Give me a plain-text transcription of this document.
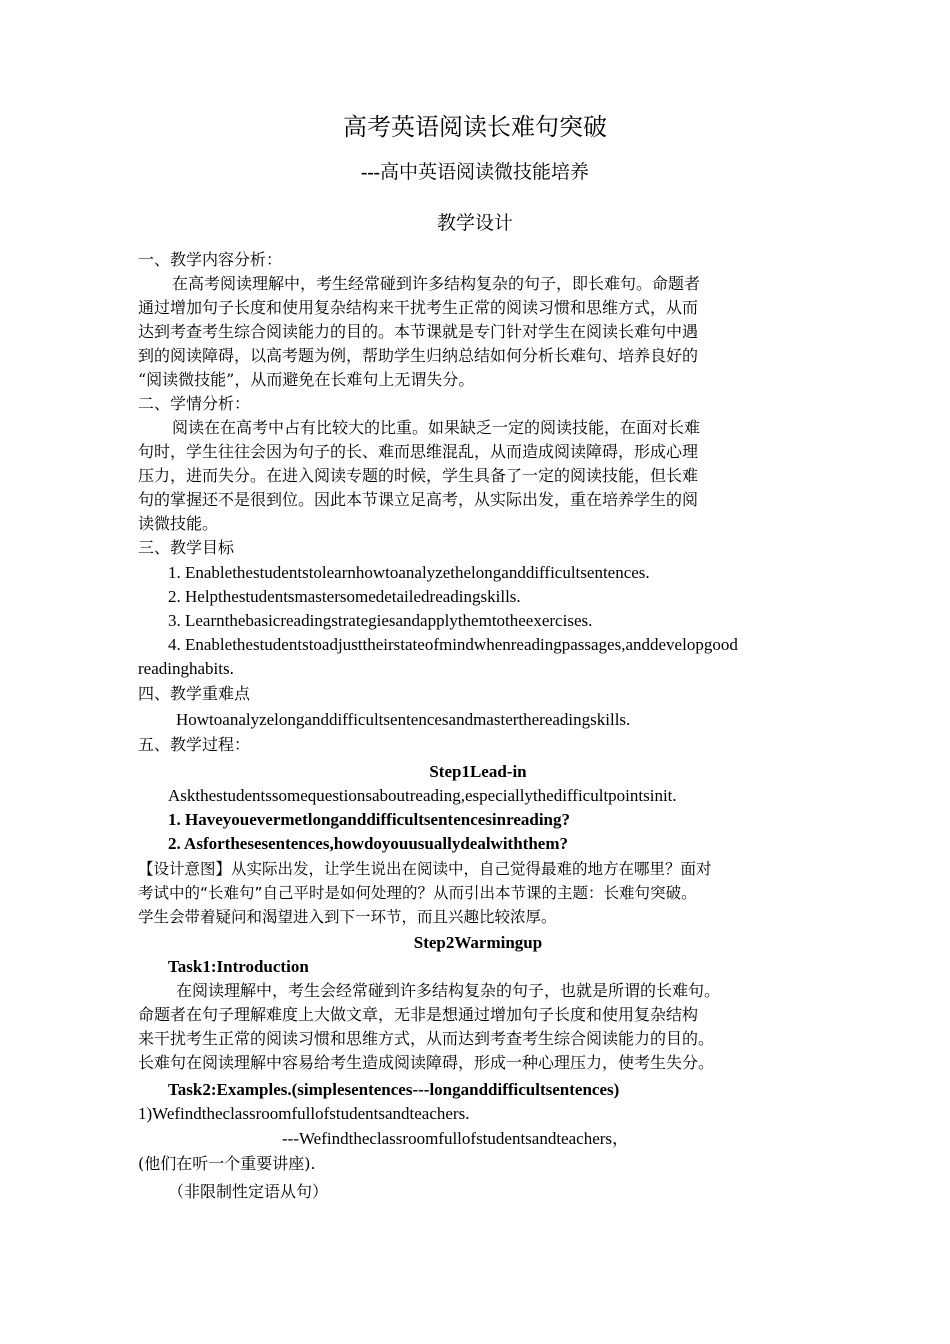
高考英语阅读长难句突破
---高中英语阅读微技能培养
教学设计
一、教学内容分析：
在高考阅读理解中，考生经常碰到许多结构复杂的句子，即长难句。命题者
通过增加句子长度和使用复杂结构来干扰考生正常的阅读习惯和思维方式，从而
达到考查考生综合阅读能力的目的。本节课就是专门针对学生在阅读长难句中遇
到的阅读障碍，以高考题为例，帮助学生归纳总结如何分析长难句、培养良好的
“阅读微技能”，从而避免在长难句上无谓失分。
二、学情分析：
阅读在在高考中占有比较大的比重。如果缺乏一定的阅读技能，在面对长难
句时，学生往往会因为句子的长、难而思维混乱，从而造成阅读障碍，形成心理
压力，进而失分。在进入阅读专题的时候，学生具备了一定的阅读技能，但长难
句的掌握还不是很到位。因此本节课立足高考，从实际出发，重在培养学生的阅
读微技能。
三、教学目标
1. Enablethestudentstolearnhowtoanalyzethelonganddifficultsentences.
2. Helpthestudentsmastersomedetailedreadingskills.
3. Learnthebasicreadingstrategiesandapplythemtotheexercises.
4. Enablethestudentstoadjusttheirstateofmindwhenreadingpassages,anddevelopgood
readinghabits.
四、教学重难点
Howtoanalyzelonganddifficultsentencesandmasterthereadingskills.
五、教学过程：
Step1Lead-in
Askthestudentssomequestionsaboutreading,especiallythedifficultpointsinit.
1. Haveyouevermetlonganddifficultsentencesinreading?
2. Asforthesesentences,howdoyouusuallydealwiththem?
【设计意图】从实际出发，让学生说出在阅读中，自己觉得最难的地方在哪里？面对
考试中的“长难句”自己平时是如何处理的？从而引出本节课的主题：长难句突破。
学生会带着疑问和渴望进入到下一环节，而且兴趣比较浓厚。
Step2Warmingup
Task1:Introduction
在阅读理解中，考生会经常碰到许多结构复杂的句子，也就是所谓的长难句。
命题者在句子理解难度上大做文章，无非是想通过增加句子长度和使用复杂结构
来干扰考生正常的阅读习惯和思维方式，从而达到考查考生综合阅读能力的目的。
长难句在阅读理解中容易给考生造成阅读障碍，形成一种心理压力，使考生失分。
Task2:Examples.(simplesentences---longanddifficultsentences)
1)Wefindtheclassroomfullofstudentsandteachers.
---Wefindtheclassroomfullofstudentsandteachers，
(他们在听一个重要讲座).
（非限制性定语从句）
